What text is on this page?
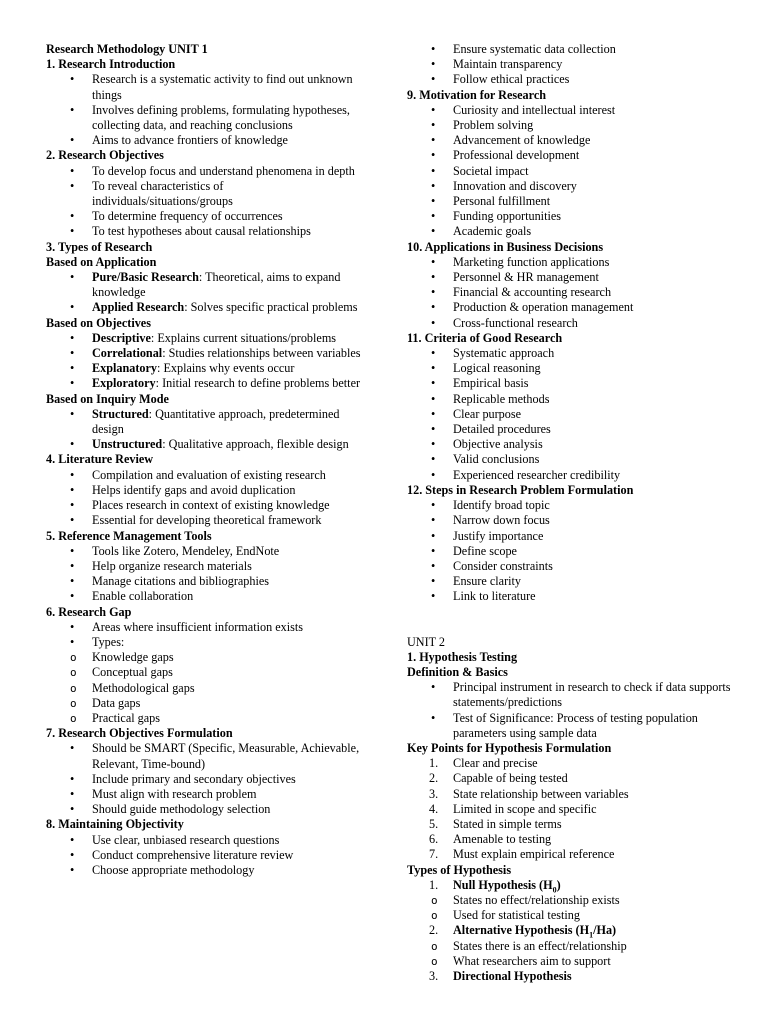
Research Methodology UNIT 1
1. Research Introduction
• Research is a systematic activity to find out unknown things
• Involves defining problems, formulating hypotheses, collecting data, and reaching conclusions
• Aims to advance frontiers of knowledge
2. Research Objectives
• To develop focus and understand phenomena in depth
• To reveal characteristics of individuals/situations/groups
• To determine frequency of occurrences
• To test hypotheses about causal relationships
3. Types of Research
Based on Application
• Pure/Basic Research: Theoretical, aims to expand knowledge
• Applied Research: Solves specific practical problems
Based on Objectives
• Descriptive: Explains current situations/problems
• Correlational: Studies relationships between variables
• Explanatory: Explains why events occur
• Exploratory: Initial research to define problems better
Based on Inquiry Mode
• Structured: Quantitative approach, predetermined design
• Unstructured: Qualitative approach, flexible design
4. Literature Review
• Compilation and evaluation of existing research
• Helps identify gaps and avoid duplication
• Places research in context of existing knowledge
• Essential for developing theoretical framework
5. Reference Management Tools
• Tools like Zotero, Mendeley, EndNote
• Help organize research materials
• Manage citations and bibliographies
• Enable collaboration
6. Research Gap
• Areas where insufficient information exists
• Types:
o Knowledge gaps
o Conceptual gaps
o Methodological gaps
o Data gaps
o Practical gaps
7. Research Objectives Formulation
• Should be SMART (Specific, Measurable, Achievable, Relevant, Time-bound)
• Include primary and secondary objectives
• Must align with research problem
• Should guide methodology selection
8. Maintaining Objectivity
• Use clear, unbiased research questions
• Conduct comprehensive literature review
• Choose appropriate methodology
• Ensure systematic data collection
• Maintain transparency
• Follow ethical practices
9. Motivation for Research
• Curiosity and intellectual interest
• Problem solving
• Advancement of knowledge
• Professional development
• Societal impact
• Innovation and discovery
• Personal fulfillment
• Funding opportunities
• Academic goals
10. Applications in Business Decisions
• Marketing function applications
• Personnel & HR management
• Financial & accounting research
• Production & operation management
• Cross-functional research
11. Criteria of Good Research
• Systematic approach
• Logical reasoning
• Empirical basis
• Replicable methods
• Clear purpose
• Detailed procedures
• Objective analysis
• Valid conclusions
• Experienced researcher credibility
12. Steps in Research Problem Formulation
• Identify broad topic
• Narrow down focus
• Justify importance
• Define scope
• Consider constraints
• Ensure clarity
• Link to literature
UNIT 2
1. Hypothesis Testing
Definition & Basics
• Principal instrument in research to check if data supports statements/predictions
• Test of Significance: Process of testing population parameters using sample data
Key Points for Hypothesis Formulation
1. Clear and precise
2. Capable of being tested
3. State relationship between variables
4. Limited in scope and specific
5. Stated in simple terms
6. Amenable to testing
7. Must explain empirical reference
Types of Hypothesis
1. Null Hypothesis $(H_0)$
o States no effect/relationship exists
o Used for statistical testing
2. Alternative Hypothesis $(H_1/Ha)$
o States there is an effect/relationship
o What researchers aim to support
3. Directional Hypothesis
